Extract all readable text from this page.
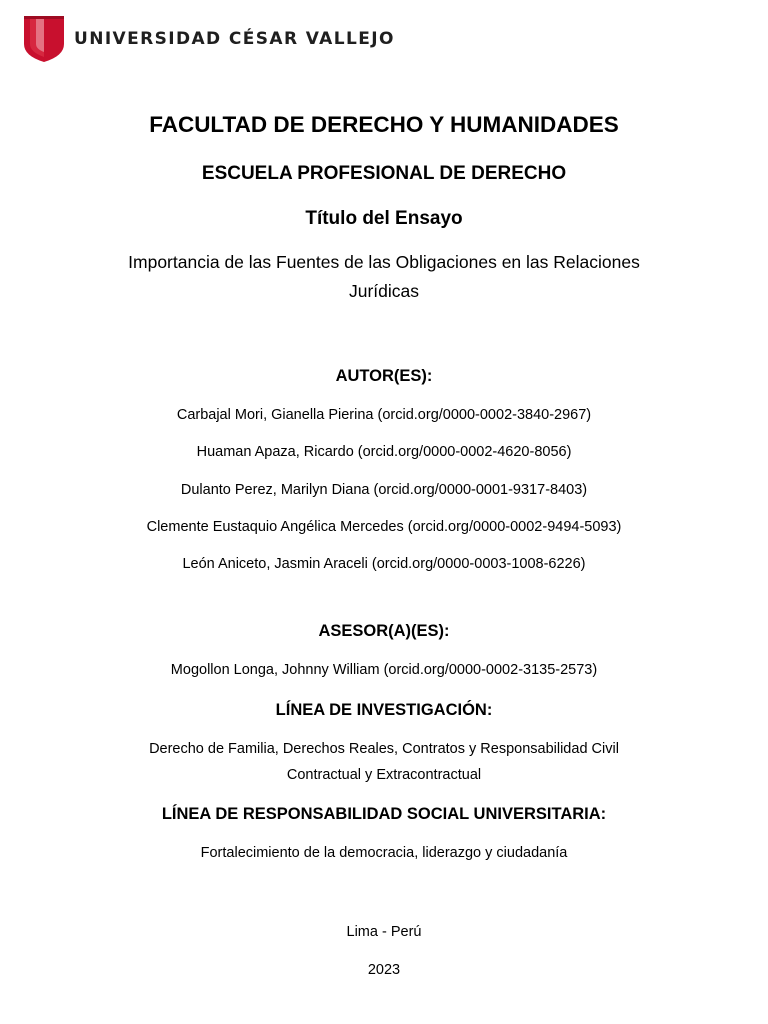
UNIVERSIDAD CÉSAR VALLEJO

FACULTAD DE DERECHO Y HUMANIDADES

ESCUELA PROFESIONAL DE DERECHO

Título del Ensayo

Importancia de las Fuentes de las Obligaciones en las Relaciones
Jurídicas

AUTOR(ES):

Carbajal Mori, Gianella Pierina (orcid.org/0000-0002-3840-2967)

Huaman Apaza, Ricardo (orcid.org/0000-0002-4620-8056)

Dulanto Perez, Marilyn Diana (orcid.org/0000-0001-9317-8403)

Clemente Eustaquio Angélica Mercedes (orcid.org/0000-0002-9494-5093)

León Aniceto, Jasmin Araceli (orcid.org/0000-0003-1008-6226)

ASESOR(A)(ES):

Mogollon Longa, Johnny William (orcid.org/0000-0002-3135-2573)

LÍNEA DE INVESTIGACIÓN:

Derecho de Familia, Derechos Reales, Contratos y Responsabilidad Civil
Contractual y Extracontractual

LÍNEA DE RESPONSABILIDAD SOCIAL UNIVERSITARIA:

Fortalecimiento de la democracia, liderazgo y ciudadanía

Lima - Perú

2023
